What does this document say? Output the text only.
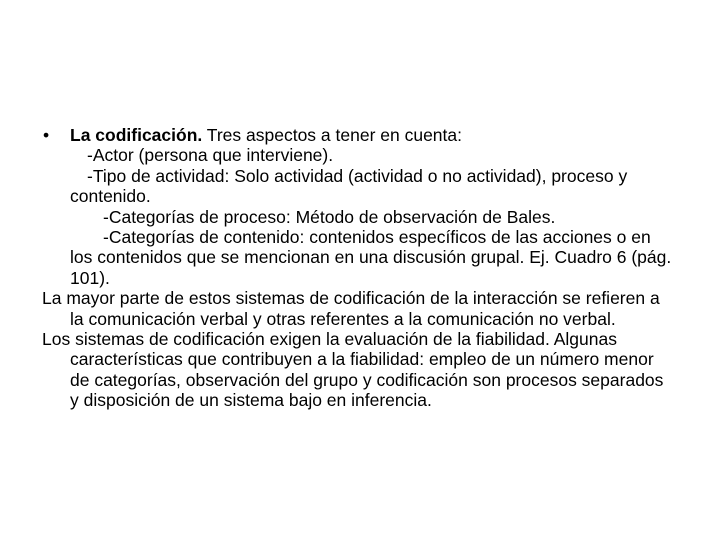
• La codificación. Tres aspectos a tener en cuenta:
-Actor (persona que interviene).
-Tipo de actividad: Solo actividad (actividad o no actividad), proceso y contenido.
-Categorías de proceso: Método de observación de Bales.
-Categorías de contenido: contenidos específicos de las acciones o en los contenidos que se mencionan en una discusión grupal. Ej. Cuadro 6 (pág. 101).
La mayor parte de estos sistemas de codificación de la interacción se refieren a la comunicación verbal y otras referentes a la comunicación no verbal.
Los sistemas de codificación exigen la evaluación de la fiabilidad. Algunas características que contribuyen a la fiabilidad: empleo de un número menor de categorías, observación del grupo y codificación son procesos separados y disposición de un sistema bajo en inferencia.
